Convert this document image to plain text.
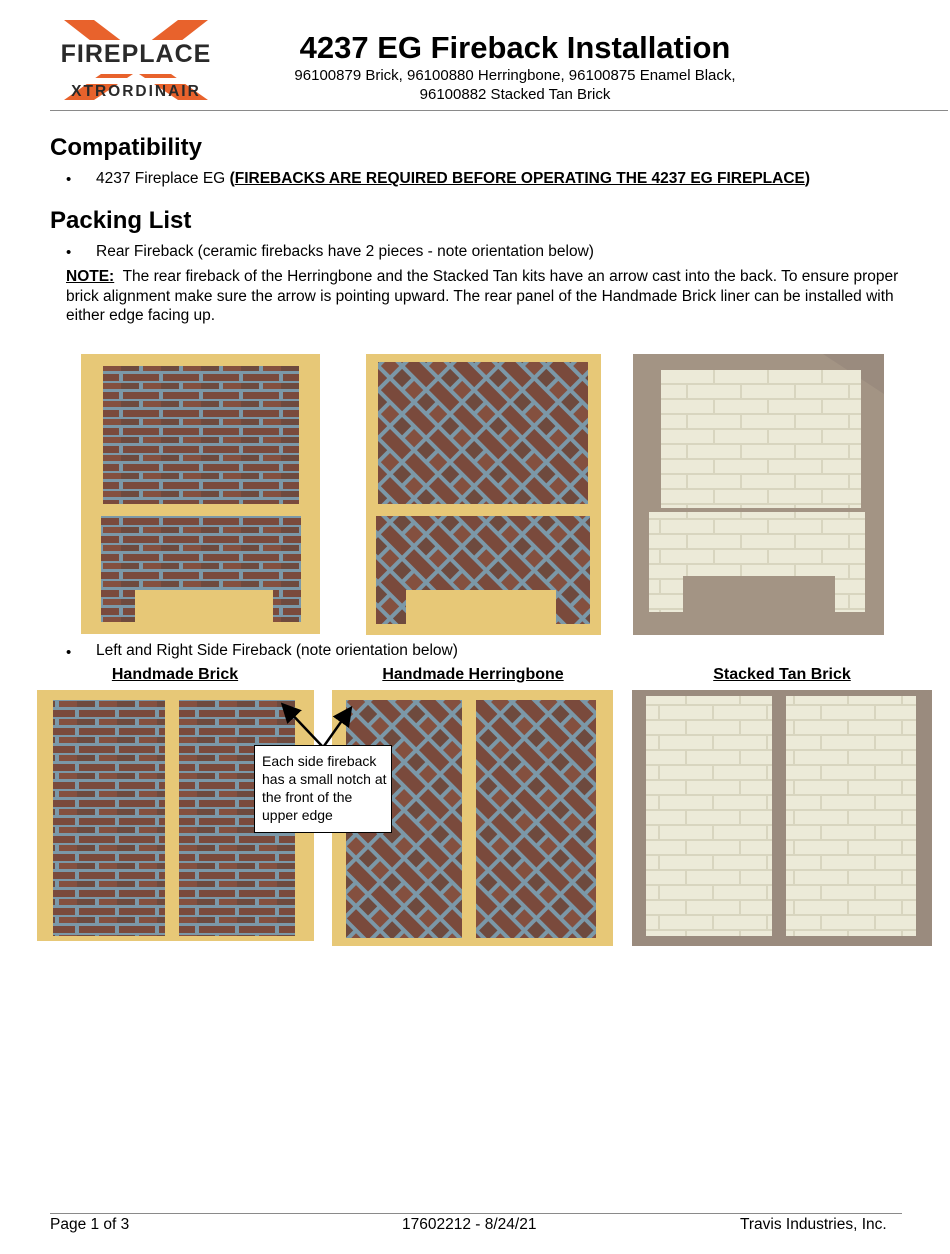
FIREPLACE
XTRORDINAIR
4237 EG Fireback Installation
96100879 Brick, 96100880 Herringbone, 96100875 Enamel Black,
96100882 Stacked Tan Brick
Compatibility
• 4237 Fireplace EG (FIREBACKS ARE REQUIRED BEFORE OPERATING THE 4237 EG FIREPLACE)
Packing List
• Rear Fireback (ceramic firebacks have 2 pieces - note orientation below)
NOTE: The rear fireback of the Herringbone and the Stacked Tan kits have an arrow cast into the back. To ensure proper brick alignment make sure the arrow is pointing upward. The rear panel of the Handmade Brick liner can be installed with either edge facing up.
• Left and Right Side Fireback (note orientation below)
Handmade Brick	Handmade Herringbone	Stacked Tan Brick
Each side fireback has a small notch at the front of the upper edge
Page 1 of 3	17602212 - 8/24/21	Travis Industries, Inc.
